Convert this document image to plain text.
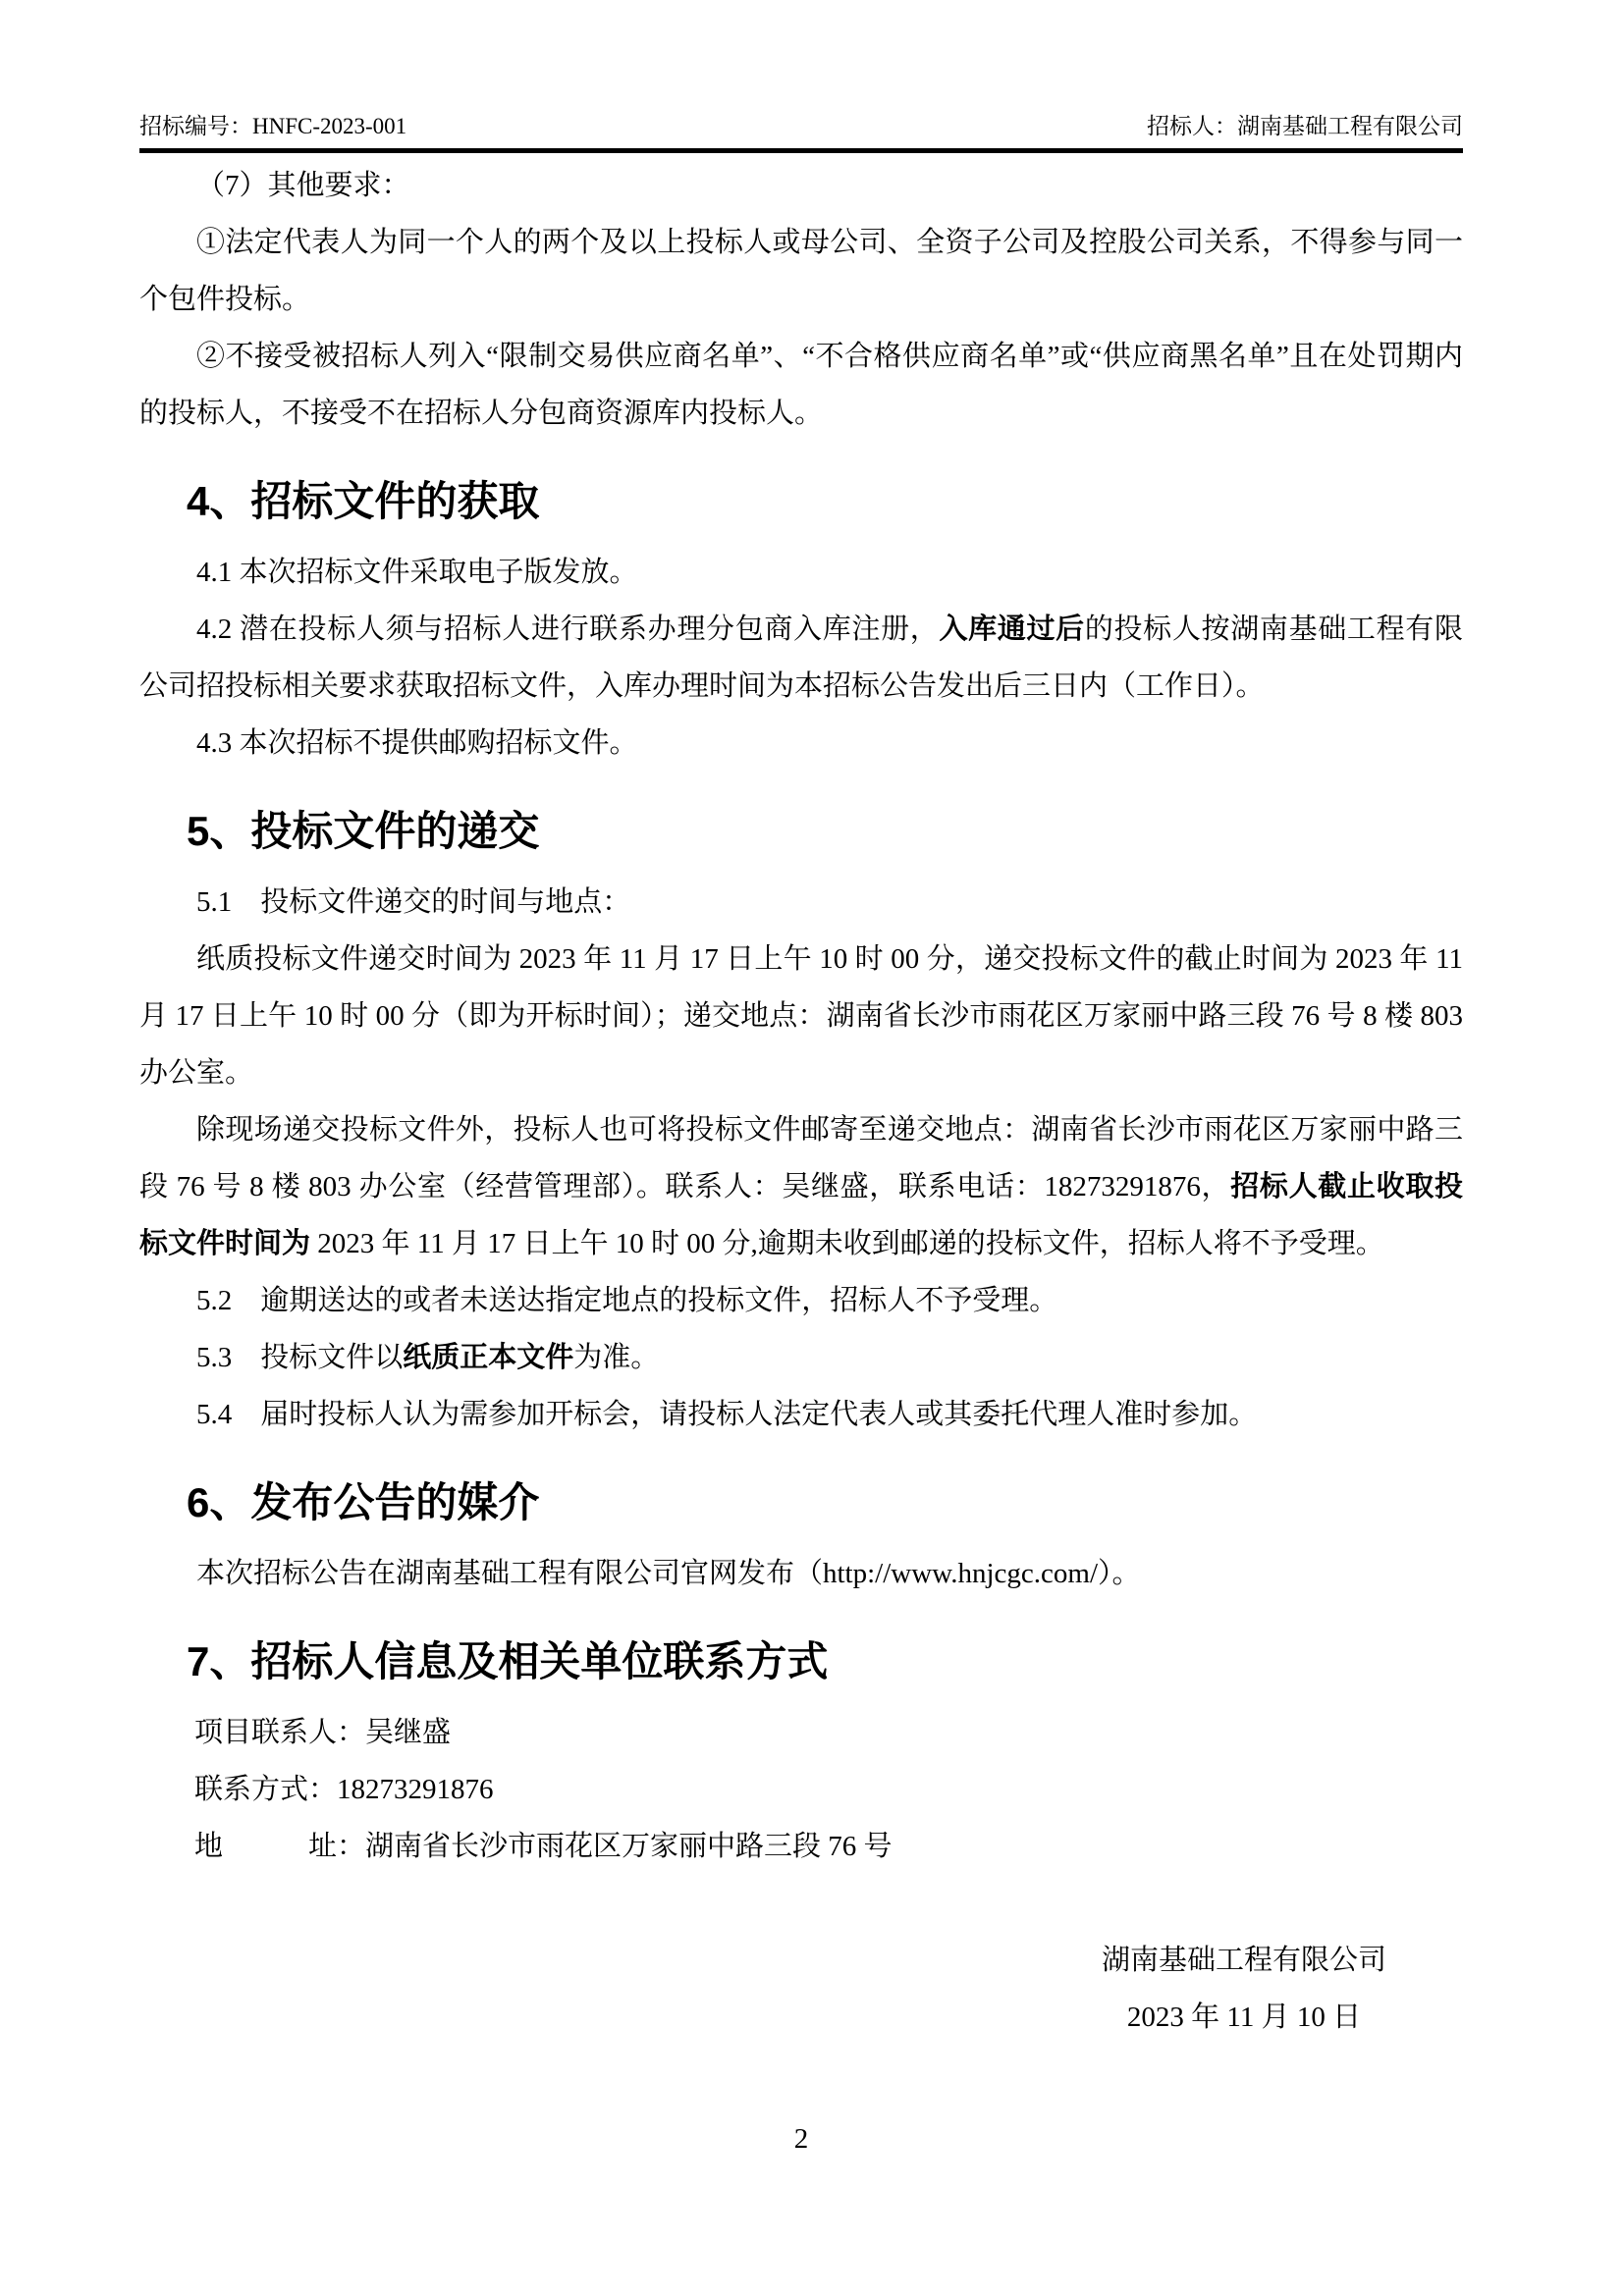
招标编号：HNFC-2023-001	招标人：湖南基础工程有限公司

（7）其他要求：

①法定代表人为同一个人的两个及以上投标人或母公司、全资子公司及控股公司关系，不得参与同一个包件投标。

②不接受被招标人列入“限制交易供应商名单”、“不合格供应商名单”或“供应商黑名单”且在处罚期内的投标人，不接受不在招标人分包商资源库内投标人。

4、招标文件的获取

4.1 本次招标文件采取电子版发放。

4.2 潜在投标人须与招标人进行联系办理分包商入库注册，入库通过后的投标人按湖南基础工程有限公司招投标相关要求获取招标文件，入库办理时间为本招标公告发出后三日内（工作日）。

4.3 本次招标不提供邮购招标文件。

5、投标文件的递交

5.1　投标文件递交的时间与地点：

纸质投标文件递交时间为 2023 年 11 月 17 日上午 10 时 00 分，递交投标文件的截止时间为 2023 年 11 月 17 日上午 10 时 00 分（即为开标时间）；递交地点：湖南省长沙市雨花区万家丽中路三段 76 号 8 楼 803 办公室。

除现场递交投标文件外，投标人也可将投标文件邮寄至递交地点：湖南省长沙市雨花区万家丽中路三段 76 号 8 楼 803 办公室（经营管理部）。联系人：吴继盛，联系电话：18273291876，招标人截止收取投标文件时间为 2023 年 11 月 17 日上午 10 时 00 分,逾期未收到邮递的投标文件，招标人将不予受理。

5.2　逾期送达的或者未送达指定地点的投标文件，招标人不予受理。

5.3　投标文件以纸质正本文件为准。

5.4　届时投标人认为需参加开标会，请投标人法定代表人或其委托代理人准时参加。

6、发布公告的媒介

本次招标公告在湖南基础工程有限公司官网发布（http://www.hnjcgc.com/）。

7、招标人信息及相关单位联系方式

项目联系人：吴继盛

联系方式：18273291876

地　　　址：湖南省长沙市雨花区万家丽中路三段 76 号

湖南基础工程有限公司

2023 年 11 月 10 日

2
